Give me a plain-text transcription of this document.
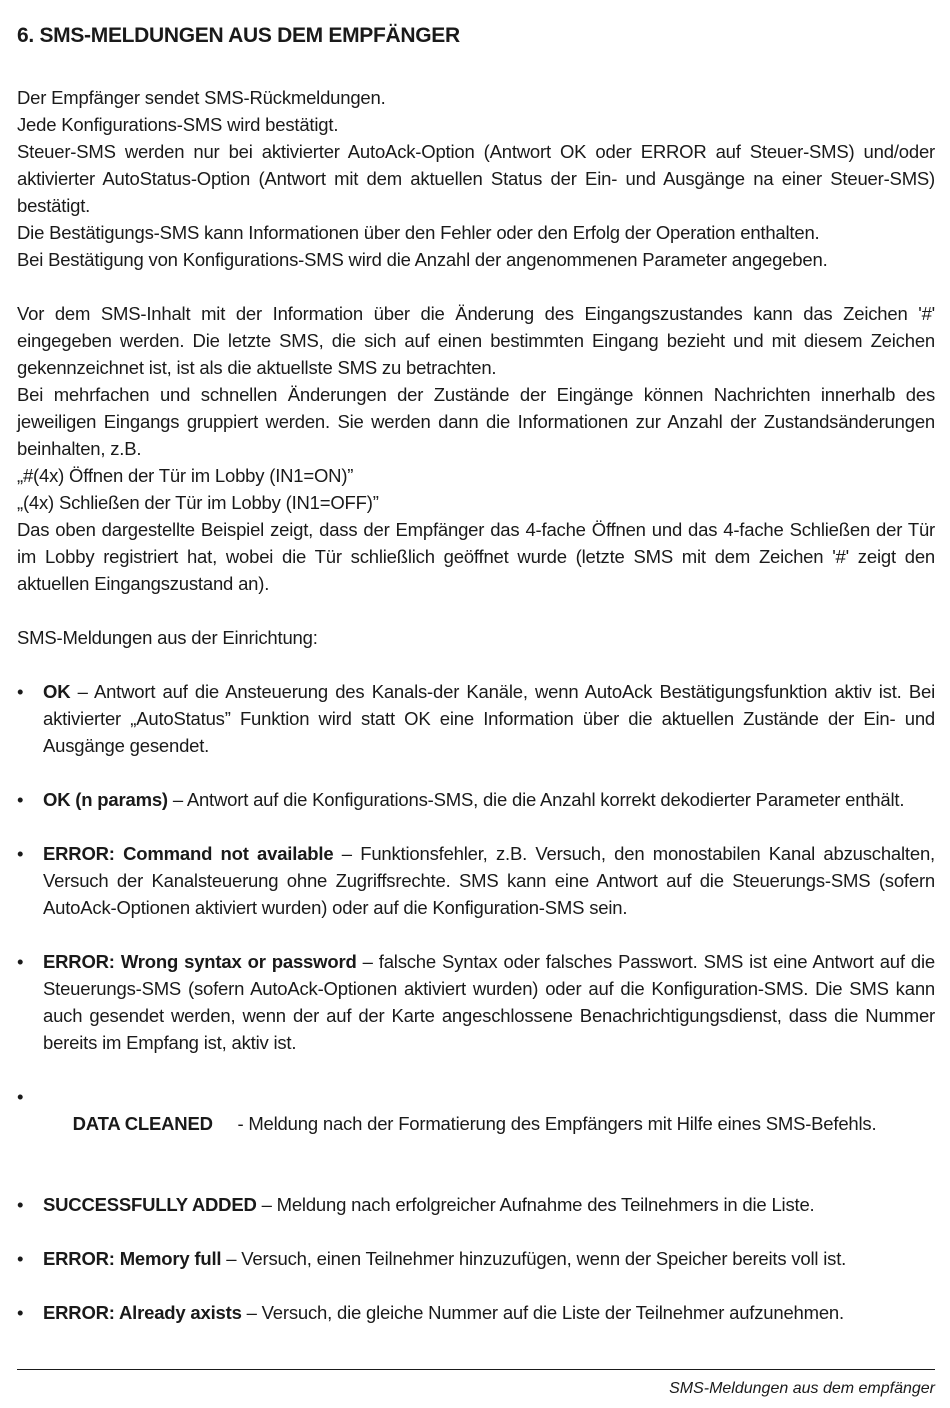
6. SMS-MELDUNGEN AUS DEM EMPFÄNGER

Der Empfänger sendet SMS-Rückmeldungen.

Jede Konfigurations-SMS wird bestätigt.

Steuer-SMS werden nur bei aktivierter AutoAck-Option (Antwort OK oder ERROR auf Steuer-SMS) und/oder aktivierter AutoStatus-Option (Antwort mit dem aktuellen Status der Ein- und Ausgänge na einer Steuer-SMS) bestätigt.

Die Bestätigungs-SMS kann Informationen über den Fehler oder den Erfolg der Operation enthalten.

Bei Bestätigung von Konfigurations-SMS wird die Anzahl der angenommenen Parameter angegeben.

Vor dem SMS-Inhalt mit der Information über die Änderung des Eingangszustandes kann das Zeichen '#' eingegeben werden. Die letzte SMS, die sich auf einen bestimmten Eingang bezieht und mit diesem Zeichen gekennzeichnet ist, ist als die aktuellste SMS zu betrachten.

Bei mehrfachen und schnellen Änderungen der Zustände der Eingänge können Nachrichten innerhalb des jeweiligen Eingangs gruppiert werden. Sie werden dann die Informationen zur Anzahl der Zustandsänderungen beinhalten, z.B.

„#(4x) Öffnen der Tür im Lobby (IN1=ON)”

„(4x) Schließen der Tür im Lobby (IN1=OFF)”

Das oben dargestellte Beispiel zeigt, dass der Empfänger das 4-fache Öffnen und das 4-fache Schließen der Tür im Lobby registriert hat, wobei die Tür schließlich geöffnet wurde (letzte SMS mit dem Zeichen '#' zeigt den aktuellen Eingangszustand an).

SMS-Meldungen aus der Einrichtung:

• OK – Antwort auf die Ansteuerung des Kanals-der Kanäle, wenn AutoAck Bestätigungsfunktion aktiv ist. Bei aktivierter „AutoStatus” Funktion wird statt OK eine Information über die aktuellen Zustände der Ein- und Ausgänge gesendet.
• OK (n params) – Antwort auf die Konfigurations-SMS, die die Anzahl korrekt dekodierter Parameter enthält.
• ERROR: Command not available – Funktionsfehler, z.B. Versuch, den monostabilen Kanal abzuschalten, Versuch der Kanalsteuerung ohne Zugriffsrechte. SMS kann eine Antwort auf die Steuerungs-SMS (sofern AutoAck-Optionen aktiviert wurden) oder auf die Konfiguration-SMS sein.
• ERROR: Wrong syntax or password – falsche Syntax oder falsches Passwort. SMS ist eine Antwort auf die Steuerungs-SMS (sofern AutoAck-Optionen aktiviert wurden) oder auf die Konfiguration-SMS. Die SMS kann auch gesendet werden, wenn der auf der Karte angeschlossene Benachrichtigungsdienst, dass die Nummer bereits im Empfang ist, aktiv ist.

•
DATA CLEANED     - Meldung nach der Formatierung des Empfängers mit Hilfe eines SMS-Befehls.

• SUCCESSFULLY ADDED – Meldung nach erfolgreicher Aufnahme des Teilnehmers in die Liste.
• ERROR: Memory full – Versuch, einen Teilnehmer hinzuzufügen, wenn der Speicher bereits voll ist.
• ERROR: Already axists – Versuch, die gleiche Nummer auf die Liste der Teilnehmer aufzunehmen.
SMS-Meldungen aus dem empfänger
